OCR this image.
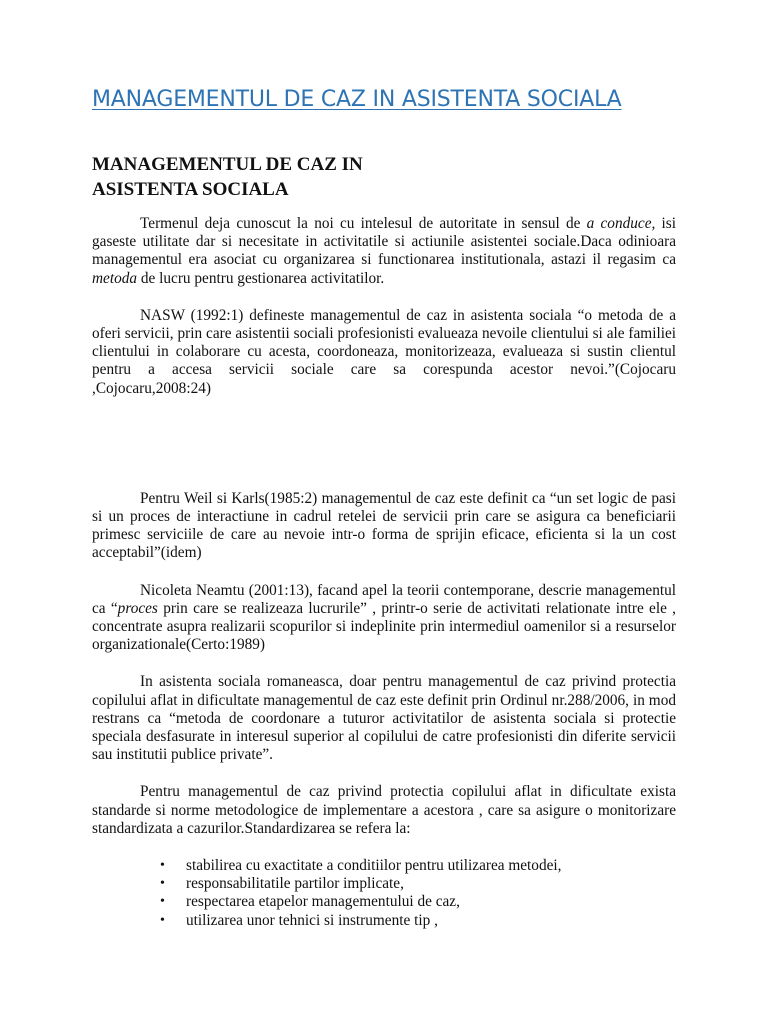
MANAGEMENTUL DE CAZ IN ASISTENTA SOCIALA
MANAGEMENTUL DE CAZ IN
ASISTENTA SOCIALA

Termenul deja cunoscut la noi cu intelesul de autoritate in sensul de a conduce, isi gaseste utilitate dar si necesitate in activitatile si actiunile asistentei sociale.Daca odinioara managementul era asociat cu organizarea si functionarea institutionala, astazi il regasim ca metoda de lucru pentru gestionarea activitatilor.

NASW (1992:1) defineste managementul de caz in asistenta sociala “o metoda de a oferi servicii, prin care asistentii sociali profesionisti evalueaza nevoile clientului si ale familiei clientului in colaborare cu acesta, coordoneaza, monitorizeaza, evalueaza si sustin clientul pentru a accesa servicii sociale care sa corespunda acestor nevoi.”(Cojocaru ,Cojocaru,2008:24)

Pentru Weil si Karls(1985:2) managementul de caz este definit ca “un set logic de pasi si un proces de interactiune in cadrul retelei de servicii prin care se asigura ca beneficiarii primesc serviciile de care au nevoie intr-o forma de sprijin eficace, eficienta si la un cost acceptabil”(idem)

Nicoleta Neamtu (2001:13), facand apel la teorii contemporane, descrie managementul ca “proces prin care se realizeaza lucrurile” , printr-o serie de activitati relationate intre ele , concentrate asupra realizarii scopurilor si indeplinite prin intermediul oamenilor si a resurselor organizationale(Certo:1989)

In asistenta sociala romaneasca, doar pentru managementul de caz privind protectia copilului aflat in dificultate managementul de caz este definit prin Ordinul nr.288/2006, in mod restrans ca “metoda de coordonare a tuturor activitatilor de asistenta sociala si protectie speciala desfasurate in interesul superior al copilului de catre profesionisti din diferite servicii sau institutii publice private”.

Pentru managementul de caz privind protectia copilului aflat in dificultate exista standarde si norme metodologice de implementare a acestora , care sa asigure o monitorizare standardizata a cazurilor.Standardizarea se refera la:

• stabilirea cu exactitate a conditiilor pentru utilizarea metodei,
• responsabilitatile partilor implicate,
• respectarea etapelor managementului de caz,
• utilizarea unor tehnici si instrumente tip ,
